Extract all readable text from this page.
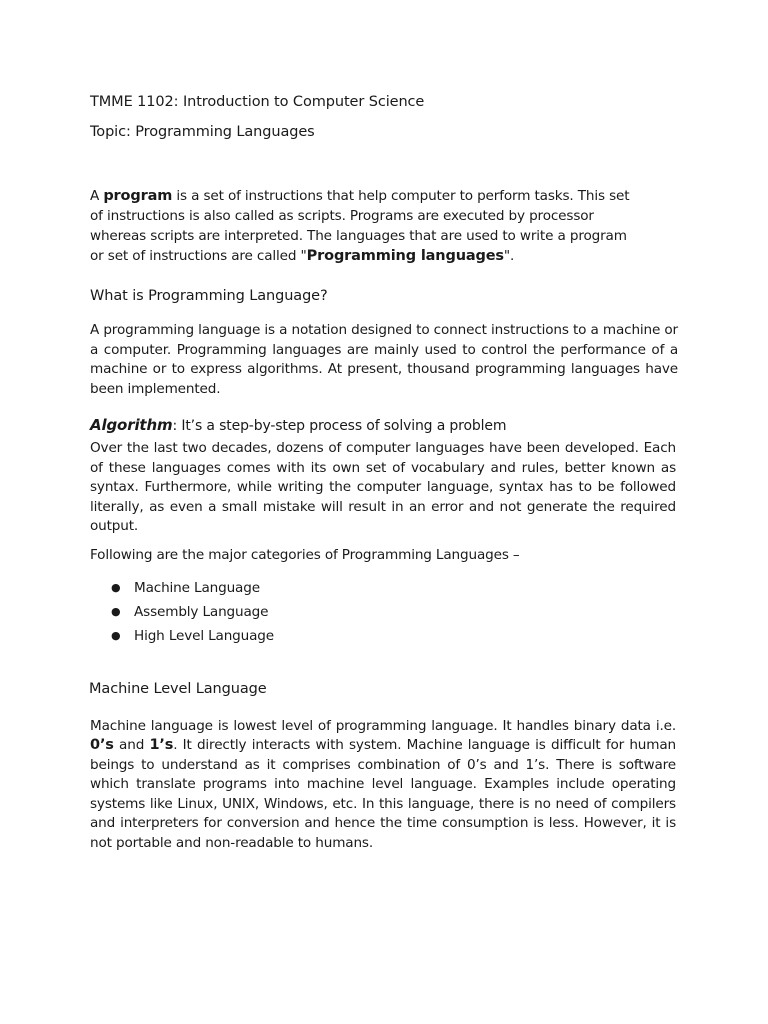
TMME 1102: Introduction to Computer Science

Topic: Programming Languages

A program is a set of instructions that help computer to perform tasks. This set of instructions is also called as scripts. Programs are executed by processor whereas scripts are interpreted. The languages that are used to write a program or set of instructions are called "Programming languages".

What is Programming Language?

A programming language is a notation designed to connect instructions to a machine or a computer. Programming languages are mainly used to control the performance of a machine or to express algorithms. At present, thousand programming languages have been implemented.

Algorithm: It’s a step-by-step process of solving a problem

Over the last two decades, dozens of computer languages have been developed. Each of these languages comes with its own set of vocabulary and rules, better known as syntax. Furthermore, while writing the computer language, syntax has to be followed literally, as even a small mistake will result in an error and not generate the required output.

Following are the major categories of Programming Languages –

● Machine Language
● Assembly Language
● High Level Language

Machine Level Language

Machine language is lowest level of programming language. It handles binary data i.e. 0’s and 1’s. It directly interacts with system. Machine language is difficult for human beings to understand as it comprises combination of 0’s and 1’s. There is software which translate programs into machine level language. Examples include operating systems like Linux, UNIX, Windows, etc. In this language, there is no need of compilers and interpreters for conversion and hence the time consumption is less. However, it is not portable and non-readable to humans.
